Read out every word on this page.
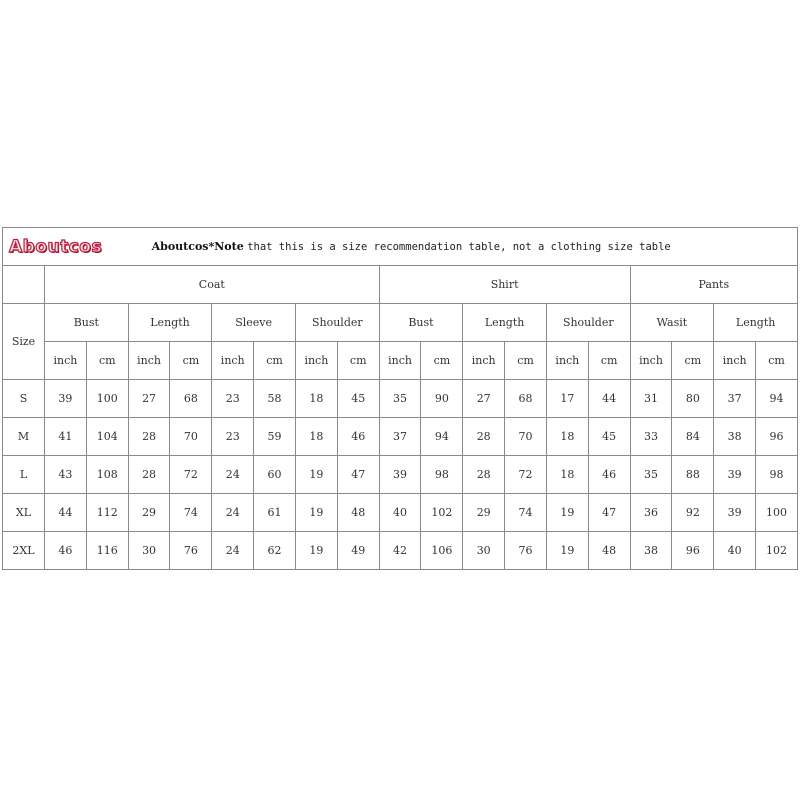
Aboutcos Aboutcos*Note that this is a size recommendation table, not a clothing size table																		
	Coat								Shirt						Pants			
Size	Bust		Length		Sleeve		Shoulder		Bust		Length		Shoulder		Wasit		Length	
	inch	cm	inch	cm	inch	cm	inch	cm	inch	cm	inch	cm	inch	cm	inch	cm	inch	cm
S	39	100	27	68	23	58	18	45	35	90	27	68	17	44	31	80	37	94
M	41	104	28	70	23	59	18	46	37	94	28	70	18	45	33	84	38	96
L	43	108	28	72	24	60	19	47	39	98	28	72	18	46	35	88	39	98
XL	44	112	29	74	24	61	19	48	40	102	29	74	19	47	36	92	39	100
2XL	46	116	30	76	24	62	19	49	42	106	30	76	19	48	38	96	40	102
